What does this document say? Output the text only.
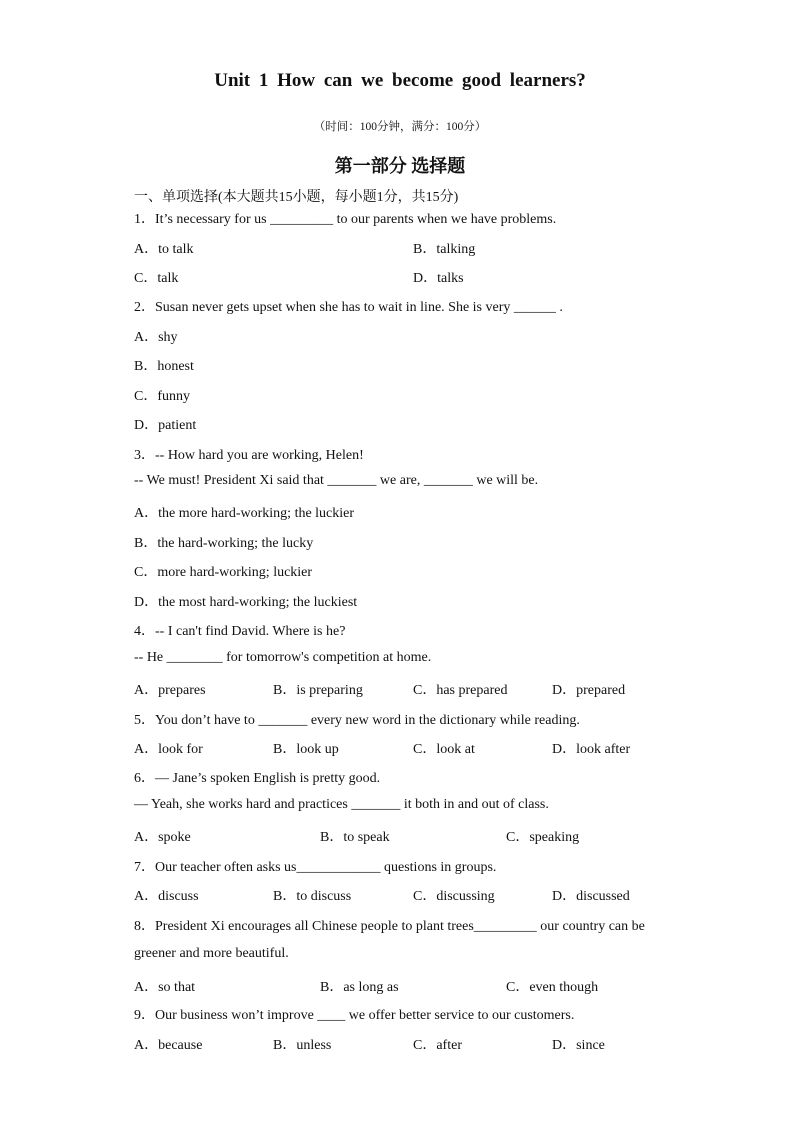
Unit 1 How can we become good learners?
（时间：100分钟，满分：100分）
第一部分 选择题
一、单项选择(本大题共15小题，每小题1分，共15分)
1．It’s necessary for us _________ to our parents when we have problems.
A．to talk	B．talking
C．talk	D．talks
2．Susan never gets upset when she has to wait in line. She is very ______ .
A．shy
B．honest
C．funny
D．patient
3．-- How hard you are working, Helen!
-- We must! President Xi said that _______ we are, _______ we will be.
A．the more hard-working; the luckier
B．the hard-working; the lucky
C．more hard-working; luckier
D．the most hard-working; the luckiest
4．-- I can't find David. Where is he?
-- He ________ for tomorrow's competition at home.
A．prepares	B．is preparing	C．has prepared	D．prepared
5．You don’t have to _______ every new word in the dictionary while reading.
A．look for	B．look up	C．look at	D．look after
6．— Jane’s spoken English is pretty good.
— Yeah, she works hard and practices _______ it both in and out of class.
A．spoke	B．to speak	C．speaking
7．Our teacher often asks us____________ questions in groups.
A．discuss	B．to discuss	C．discussing	D．discussed
8．President Xi encourages all Chinese people to plant trees_________ our country can be
greener and more beautiful.
A．so that	B．as long as	C．even though
9．Our business won’t improve ____ we offer better service to our customers.
A．because	B．unless	C．after	D．since
